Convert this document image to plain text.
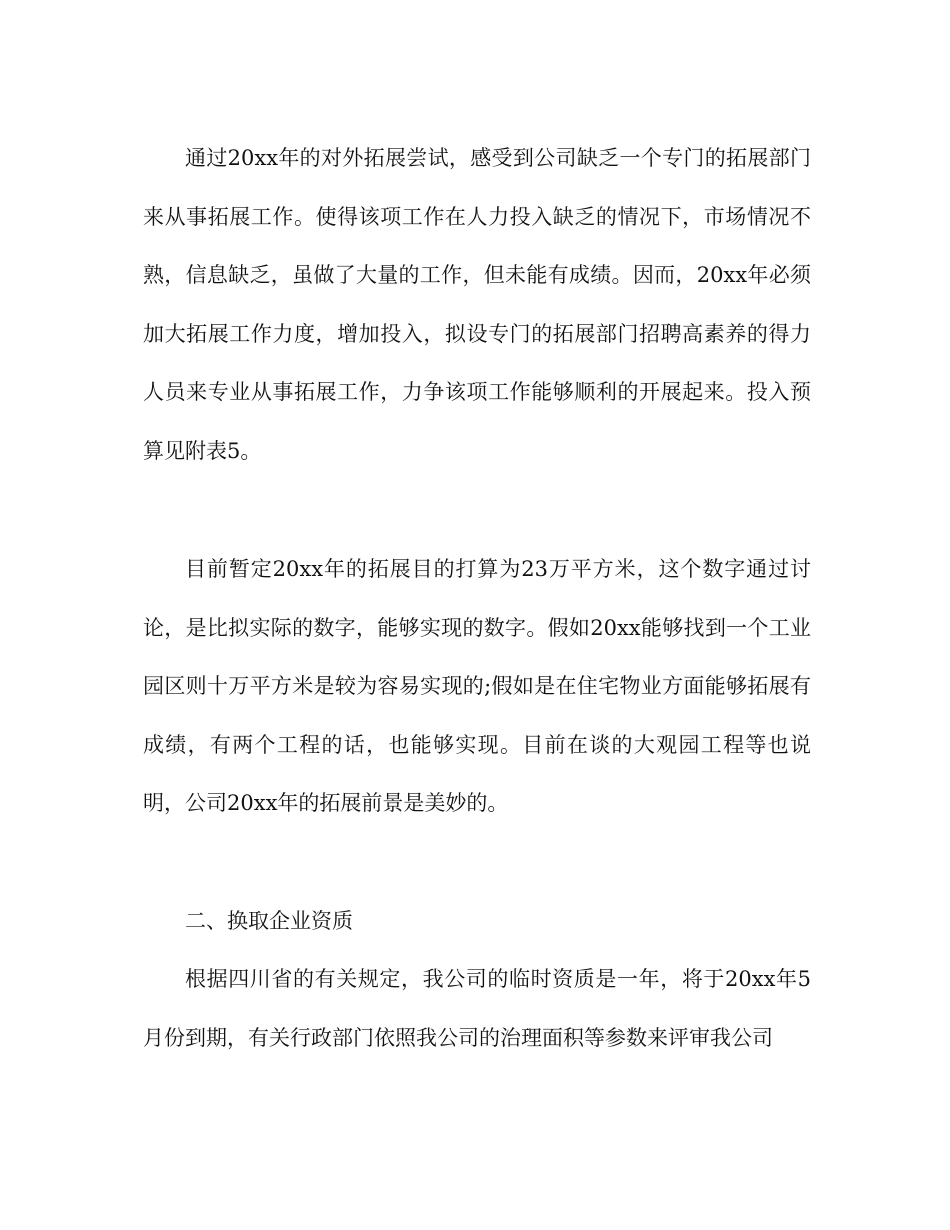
通过20xx年的对外拓展尝试，感受到公司缺乏一个专门的拓展部门来从事拓展工作。使得该项工作在人力投入缺乏的情况下，市场情况不熟，信息缺乏，虽做了大量的工作，但未能有成绩。因而，20xx年必须加大拓展工作力度，增加投入，拟设专门的拓展部门招聘高素养的得力人员来专业从事拓展工作，力争该项工作能够顺利的开展起来。投入预算见附表5。

目前暂定20xx年的拓展目的打算为23万平方米，这个数字通过讨论，是比拟实际的数字，能够实现的数字。假如20xx能够找到一个工业园区则十万平方米是较为容易实现的;假如是在住宅物业方面能够拓展有成绩，有两个工程的话，也能够实现。目前在谈的大观园工程等也说明，公司20xx年的拓展前景是美妙的。

二、换取企业资质

根据四川省的有关规定，我公司的临时资质是一年，将于20xx年5月份到期，有关行政部门依照我公司的治理面积等参数来评审我公司
